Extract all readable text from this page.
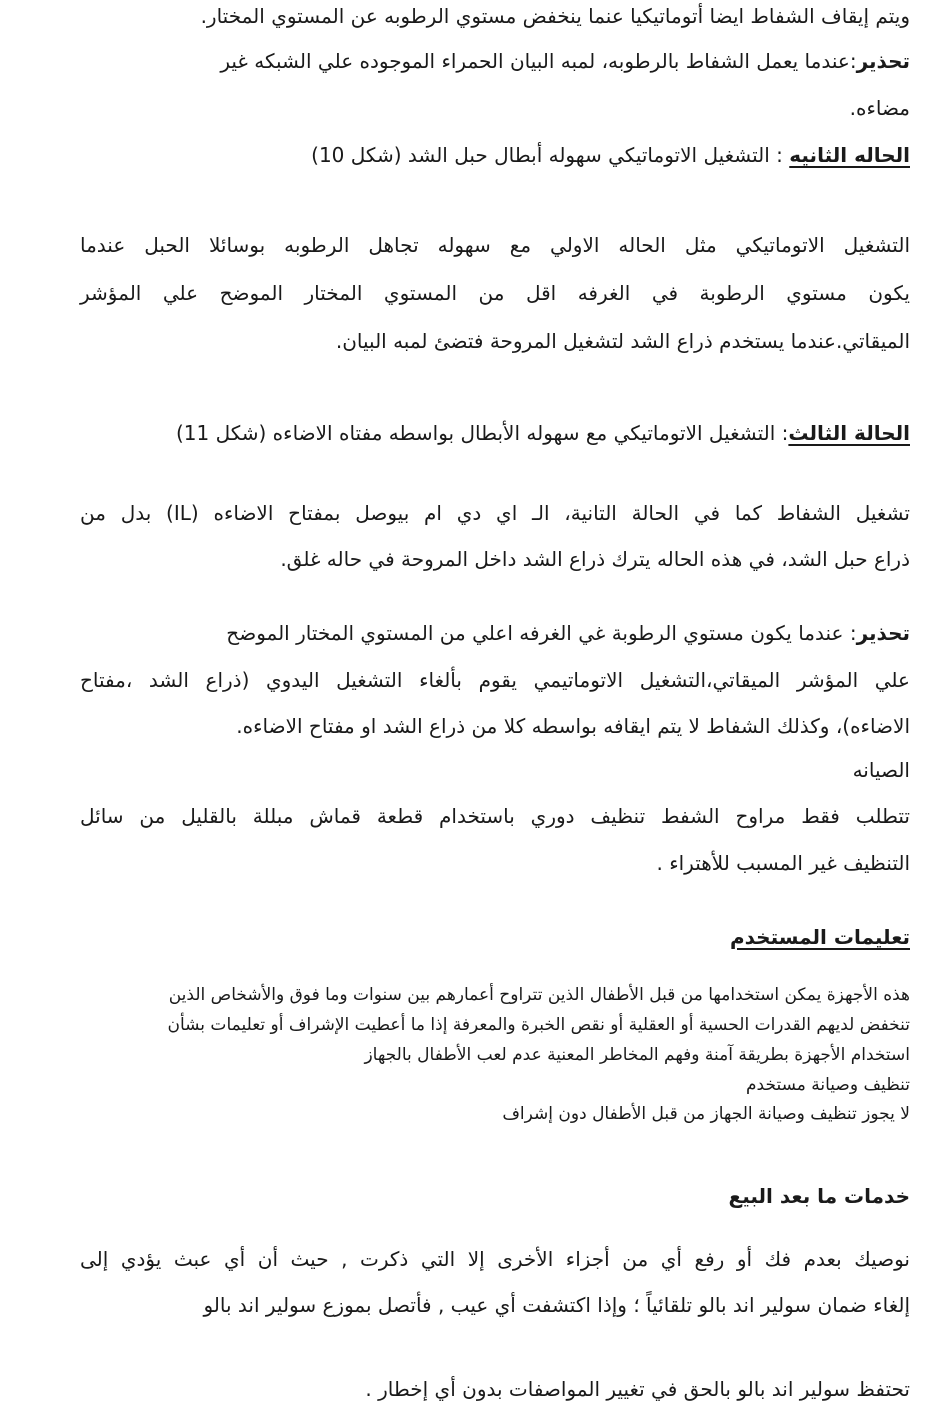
ويتم إيقاف الشفاط ايضا أتوماتيكيا عنما ينخفض مستوي الرطوبه عن المستوي المختار.
تحذير:عندما يعمل الشفاط بالرطوبه، لمبه البيان الحمراء الموجوده علي الشبكه غير
مضاءه.
الحاله الثانيه : التشغيل الاتوماتيكي سهوله أبطال حبل الشد (شكل 10)
التشغيل الاتوماتيكي مثل الحاله الاولي مع سهوله تجاهل الرطوبه بوسائلا الحبل عندما
يكون مستوي الرطوبة في الغرفه اقل من المستوي المختار الموضح علي المؤشر
الميقاتي.عندما يستخدم ذراع الشد لتشغيل المروحة فتضئ لمبه البيان.
الحالة الثالث: التشغيل الاتوماتيكي مع سهوله الأبطال بواسطه مفتاه الاضاءه (شكل 11)
تشغيل الشفاط كما في الحالة التانية، الـ اي دي ام بيوصل بمفتاح الاضاءه (IL) بدل من
ذراع حبل الشد، في هذه الحاله يترك ذراع الشد داخل المروحة في حاله غلق.
تحذير: عندما يكون مستوي الرطوبة غي الغرفه اعلي من المستوي المختار الموضح
علي المؤشر الميقاتي،التشغيل الاتوماتيمي يقوم بألغاء التشغيل اليدوي (ذراع الشد ،مفتاح
الاضاءه)، وكذلك الشفاط لا يتم ايقافه بواسطه كلا من ذراع الشد او مفتاح الاضاءه.
الصيانه
تتطلب فقط مراوح الشفط تنظيف دوري باستخدام قطعة قماش مبللة بالقليل من سائل
التنظيف غير المسبب للأهتراء .
تعليمات المستخدم
هذه الأجهزة يمكن استخدامها من قبل الأطفال الذين تتراوح أعمارهم بين سنوات وما فوق والأشخاص الذين
تنخفض لديهم القدرات الحسية أو العقلية أو نقص الخبرة والمعرفة إذا ما أعطيت الإشراف أو تعليمات بشأن
استخدام الأجهزة بطريقة آمنة وفهم المخاطر المعنية عدم لعب الأطفال بالجهاز
تنظيف وصيانة مستخدم
لا يجوز تنظيف وصيانة الجهاز من قبل الأطفال دون إشراف
خدمات ما بعد البيع
نوصيك بعدم فك أو رفع أي من أجزاء الأخرى إلا التي ذكرت , حيث أن أي عبث يؤدي إلى
إلغاء ضمان سولير اند بالو تلقائياً ؛ وإذا اكتشفت أي عيب , فأتصل بموزع سولير اند بالو
تحتفظ سولير اند بالو بالحق في تغيير المواصفات بدون أي إخطار .
